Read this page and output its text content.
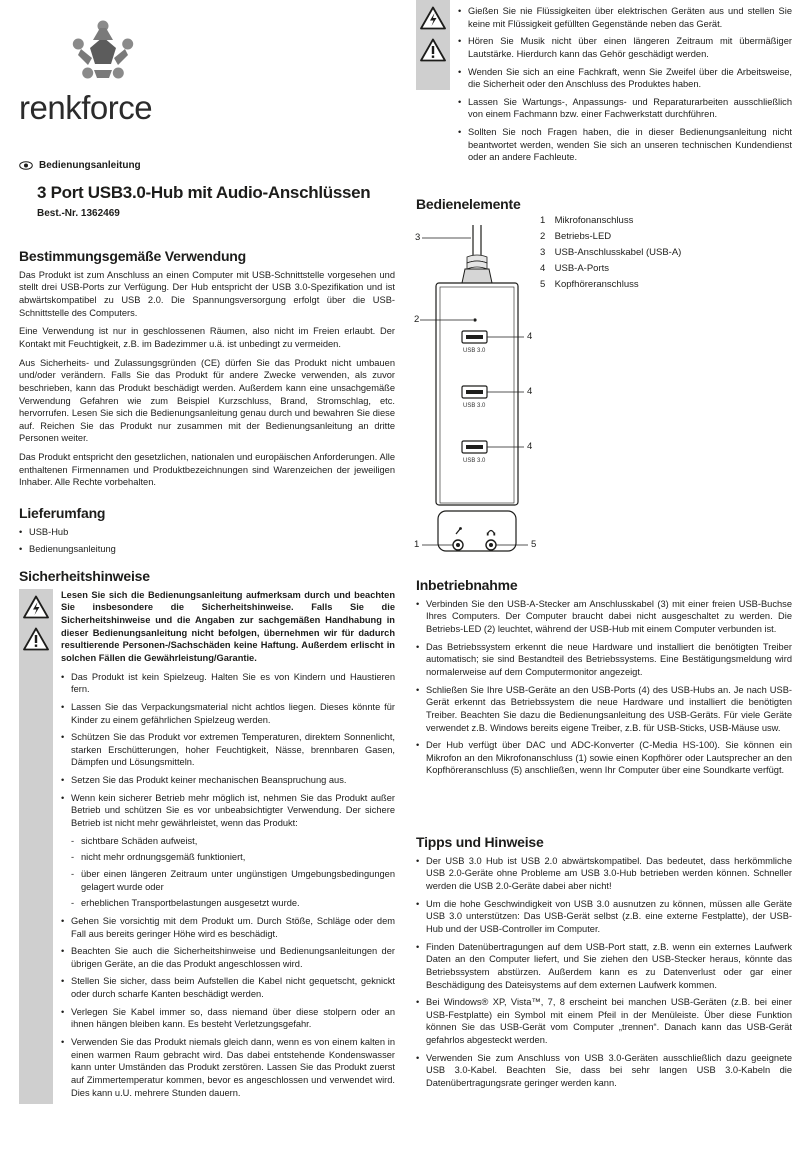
renkforce
Bedienungsanleitung
3 Port USB3.0-Hub mit Audio-Anschlüssen
Best.-Nr. 1362469
Bestimmungsgemäße Verwendung

Das Produkt ist zum Anschluss an einen Computer mit USB-Schnittstelle vorgesehen und stellt drei USB-Ports zur Verfügung. Der Hub entspricht der USB 3.0-Spezifikation und ist abwärtskompatibel zu USB 2.0. Die Spannungsversorgung erfolgt über die USB-Schnittstelle des Computers.

Eine Verwendung ist nur in geschlossenen Räumen, also nicht im Freien erlaubt. Der Kontakt mit Feuchtigkeit, z.B. im Badezimmer u.ä. ist unbedingt zu vermeiden.

Aus Sicherheits- und Zulassungsgründen (CE) dürfen Sie das Produkt nicht umbauen und/oder verändern. Falls Sie das Produkt für andere Zwecke verwenden, als zuvor beschrieben, kann das Produkt beschädigt werden. Außerdem kann eine unsachgemäße Verwendung Gefahren wie zum Beispiel Kurzschluss, Brand, Stromschlag, etc. hervorrufen. Lesen Sie sich die Bedienungsanleitung genau durch und bewahren Sie diese auf. Reichen Sie das Produkt nur zusammen mit der Bedienungsanleitung an dritte Personen weiter.

Das Produkt entspricht den gesetzlichen, nationalen und europäischen Anforderungen. Alle enthaltenen Firmennamen und Produktbezeichnungen sind Warenzeichen der jeweiligen Inhaber. Alle Rechte vorbehalten.

Lieferumfang
• USB-Hub
• Bedienungsanleitung
Sicherheitshinweise
Lesen Sie sich die Bedienungsanleitung aufmerksam durch und beachten Sie insbesondere die Sicherheitshinweise. Falls Sie die Sicherheitshinweise und die Angaben zur sachgemäßen Handhabung in dieser Bedienungsanleitung nicht befolgen, übernehmen wir für dadurch resultierende Personen-/Sachschäden keine Haftung. Außerdem erlischt in solchen Fällen die Gewährleistung/Garantie.
• Das Produkt ist kein Spielzeug. Halten Sie es von Kindern und Haustieren fern.
• Lassen Sie das Verpackungsmaterial nicht achtlos liegen. Dieses könnte für Kinder zu einem gefährlichen Spielzeug werden.
• Schützen Sie das Produkt vor extremen Temperaturen, direktem Sonnenlicht, starken Erschütterungen, hoher Feuchtigkeit, Nässe, brennbaren Gasen, Dämpfen und Lösungsmitteln.
• Setzen Sie das Produkt keiner mechanischen Beanspruchung aus.
• Wenn kein sicherer Betrieb mehr möglich ist, nehmen Sie das Produkt außer Betrieb und schützen Sie es vor unbeabsichtigter Verwendung. Der sichere Betrieb ist nicht mehr gewährleistet, wenn das Produkt:
- sichtbare Schäden aufweist,
- nicht mehr ordnungsgemäß funktioniert,
- über einen längeren Zeitraum unter ungünstigen Umgebungsbedingungen gelagert wurde oder
- erheblichen Transportbelastungen ausgesetzt wurde.
• Gehen Sie vorsichtig mit dem Produkt um. Durch Stöße, Schläge oder dem Fall aus bereits geringer Höhe wird es beschädigt.
• Beachten Sie auch die Sicherheitshinweise und Bedienungsanleitungen der übrigen Geräte, an die das Produkt angeschlossen wird.
• Stellen Sie sicher, dass beim Aufstellen die Kabel nicht gequetscht, geknickt oder durch scharfe Kanten beschädigt werden.
• Verlegen Sie Kabel immer so, dass niemand über diese stolpern oder an ihnen hängen bleiben kann. Es besteht Verletzungsgefahr.
• Verwenden Sie das Produkt niemals gleich dann, wenn es von einem kalten in einen warmen Raum gebracht wird. Das dabei entstehende Kondenswasser kann unter Umständen das Produkt zerstören. Lassen Sie das Produkt zuerst auf Zimmertemperatur kommen, bevor es angeschlossen und verwendet wird. Dies kann u.U. mehrere Stunden dauern.
• Gießen Sie nie Flüssigkeiten über elektrischen Geräten aus und stellen Sie keine mit Flüssigkeit gefüllten Gegenstände neben das Gerät.
• Hören Sie Musik nicht über einen längeren Zeitraum mit übermäßiger Lautstärke. Hierdurch kann das Gehör geschädigt werden.
• Wenden Sie sich an eine Fachkraft, wenn Sie Zweifel über die Arbeitsweise, die Sicherheit oder den Anschluss des Produktes haben.
• Lassen Sie Wartungs-, Anpassungs- und Reparaturarbeiten ausschließlich von einem Fachmann bzw. einer Fachwerkstatt durchführen.
• Sollten Sie noch Fragen haben, die in dieser Bedienungsanleitung nicht beantwortet werden, wenden Sie sich an unseren technischen Kundendienst oder an andere Fachleute.
Bedienelemente
Inbetriebnahme
• Verbinden Sie den USB-A-Stecker am Anschlusskabel (3) mit einer freien USB-Buchse Ihres Computers. Der Computer braucht dabei nicht ausgeschaltet zu werden. Die Betriebs-LED (2) leuchtet, während der USB-Hub mit einem Computer verbunden ist.
• Das Betriebssystem erkennt die neue Hardware und installiert die benötigten Treiber automatisch; sie sind Bestandteil des Betriebssystems. Eine Bestätigungsmeldung wird normalerweise auf dem Computermonitor angezeigt.
• Schließen Sie Ihre USB-Geräte an den USB-Ports (4) des USB-Hubs an. Je nach USB-Gerät erkennt das Betriebssystem die neue Hardware und installiert die benötigten Treiber. Beachten Sie dazu die Bedienungsanleitung des USB-Geräts. Für viele Geräte verwendet z.B. Windows bereits eigene Treiber, z.B. für USB-Sticks, USB-Mäuse usw.
• Der Hub verfügt über DAC und ADC-Konverter (C-Media HS-100). Sie können ein Mikrofon an den Mikrofonanschluss (1) sowie einen Kopfhörer oder Lautsprecher an den Kopfhöreranschluss (5) anschließen, wenn Ihr Computer über eine Soundkarte verfügt.
Tipps und Hinweise
• Der USB 3.0 Hub ist USB 2.0 abwärtskompatibel. Das bedeutet, dass herkömmliche USB 2.0-Geräte ohne Probleme am USB 3.0-Hub betrieben werden können. Schneller werden die USB 2.0-Geräte dabei aber nicht!
• Um die hohe Geschwindigkeit von USB 3.0 ausnutzen zu können, müssen alle Geräte USB 3.0 unterstützen: Das USB-Gerät selbst (z.B. eine externe Festplatte), der USB-Hub und der USB-Controller im Computer.
• Finden Datenübertragungen auf dem USB-Port statt, z.B. wenn ein externes Laufwerk Daten an den Computer liefert, und Sie ziehen den USB-Stecker heraus, könnte das Betriebssystem abstürzen. Außerdem kann es zu Datenverlust oder gar einer Beschädigung des Dateisystems auf dem externen Laufwerk kommen.
• Bei Windows® XP, Vista™, 7, 8 erscheint bei manchen USB-Geräten (z.B. bei einer USB-Festplatte) ein Symbol mit einem Pfeil in der Menüleiste. Über diese Funktion können Sie das USB-Gerät vom Computer „trennen“. Danach kann das USB-Gerät gefahrlos abgesteckt werden.
• Verwenden Sie zum Anschluss von USB 3.0-Geräten ausschließlich dazu geeignete USB 3.0-Kabel. Beachten Sie, dass bei sehr langen USB 3.0-Kabeln die Datenübertragungsrate geringer werden kann.
1 Mikrofonanschluss
2 Betriebs-LED
3 USB-Anschlusskabel (USB-A)
4 USB-A-Ports
5 Kopfhöreranschluss
USB 3.0
USB 3.0
USB 3.0
3
2
4
4
4
1	5
